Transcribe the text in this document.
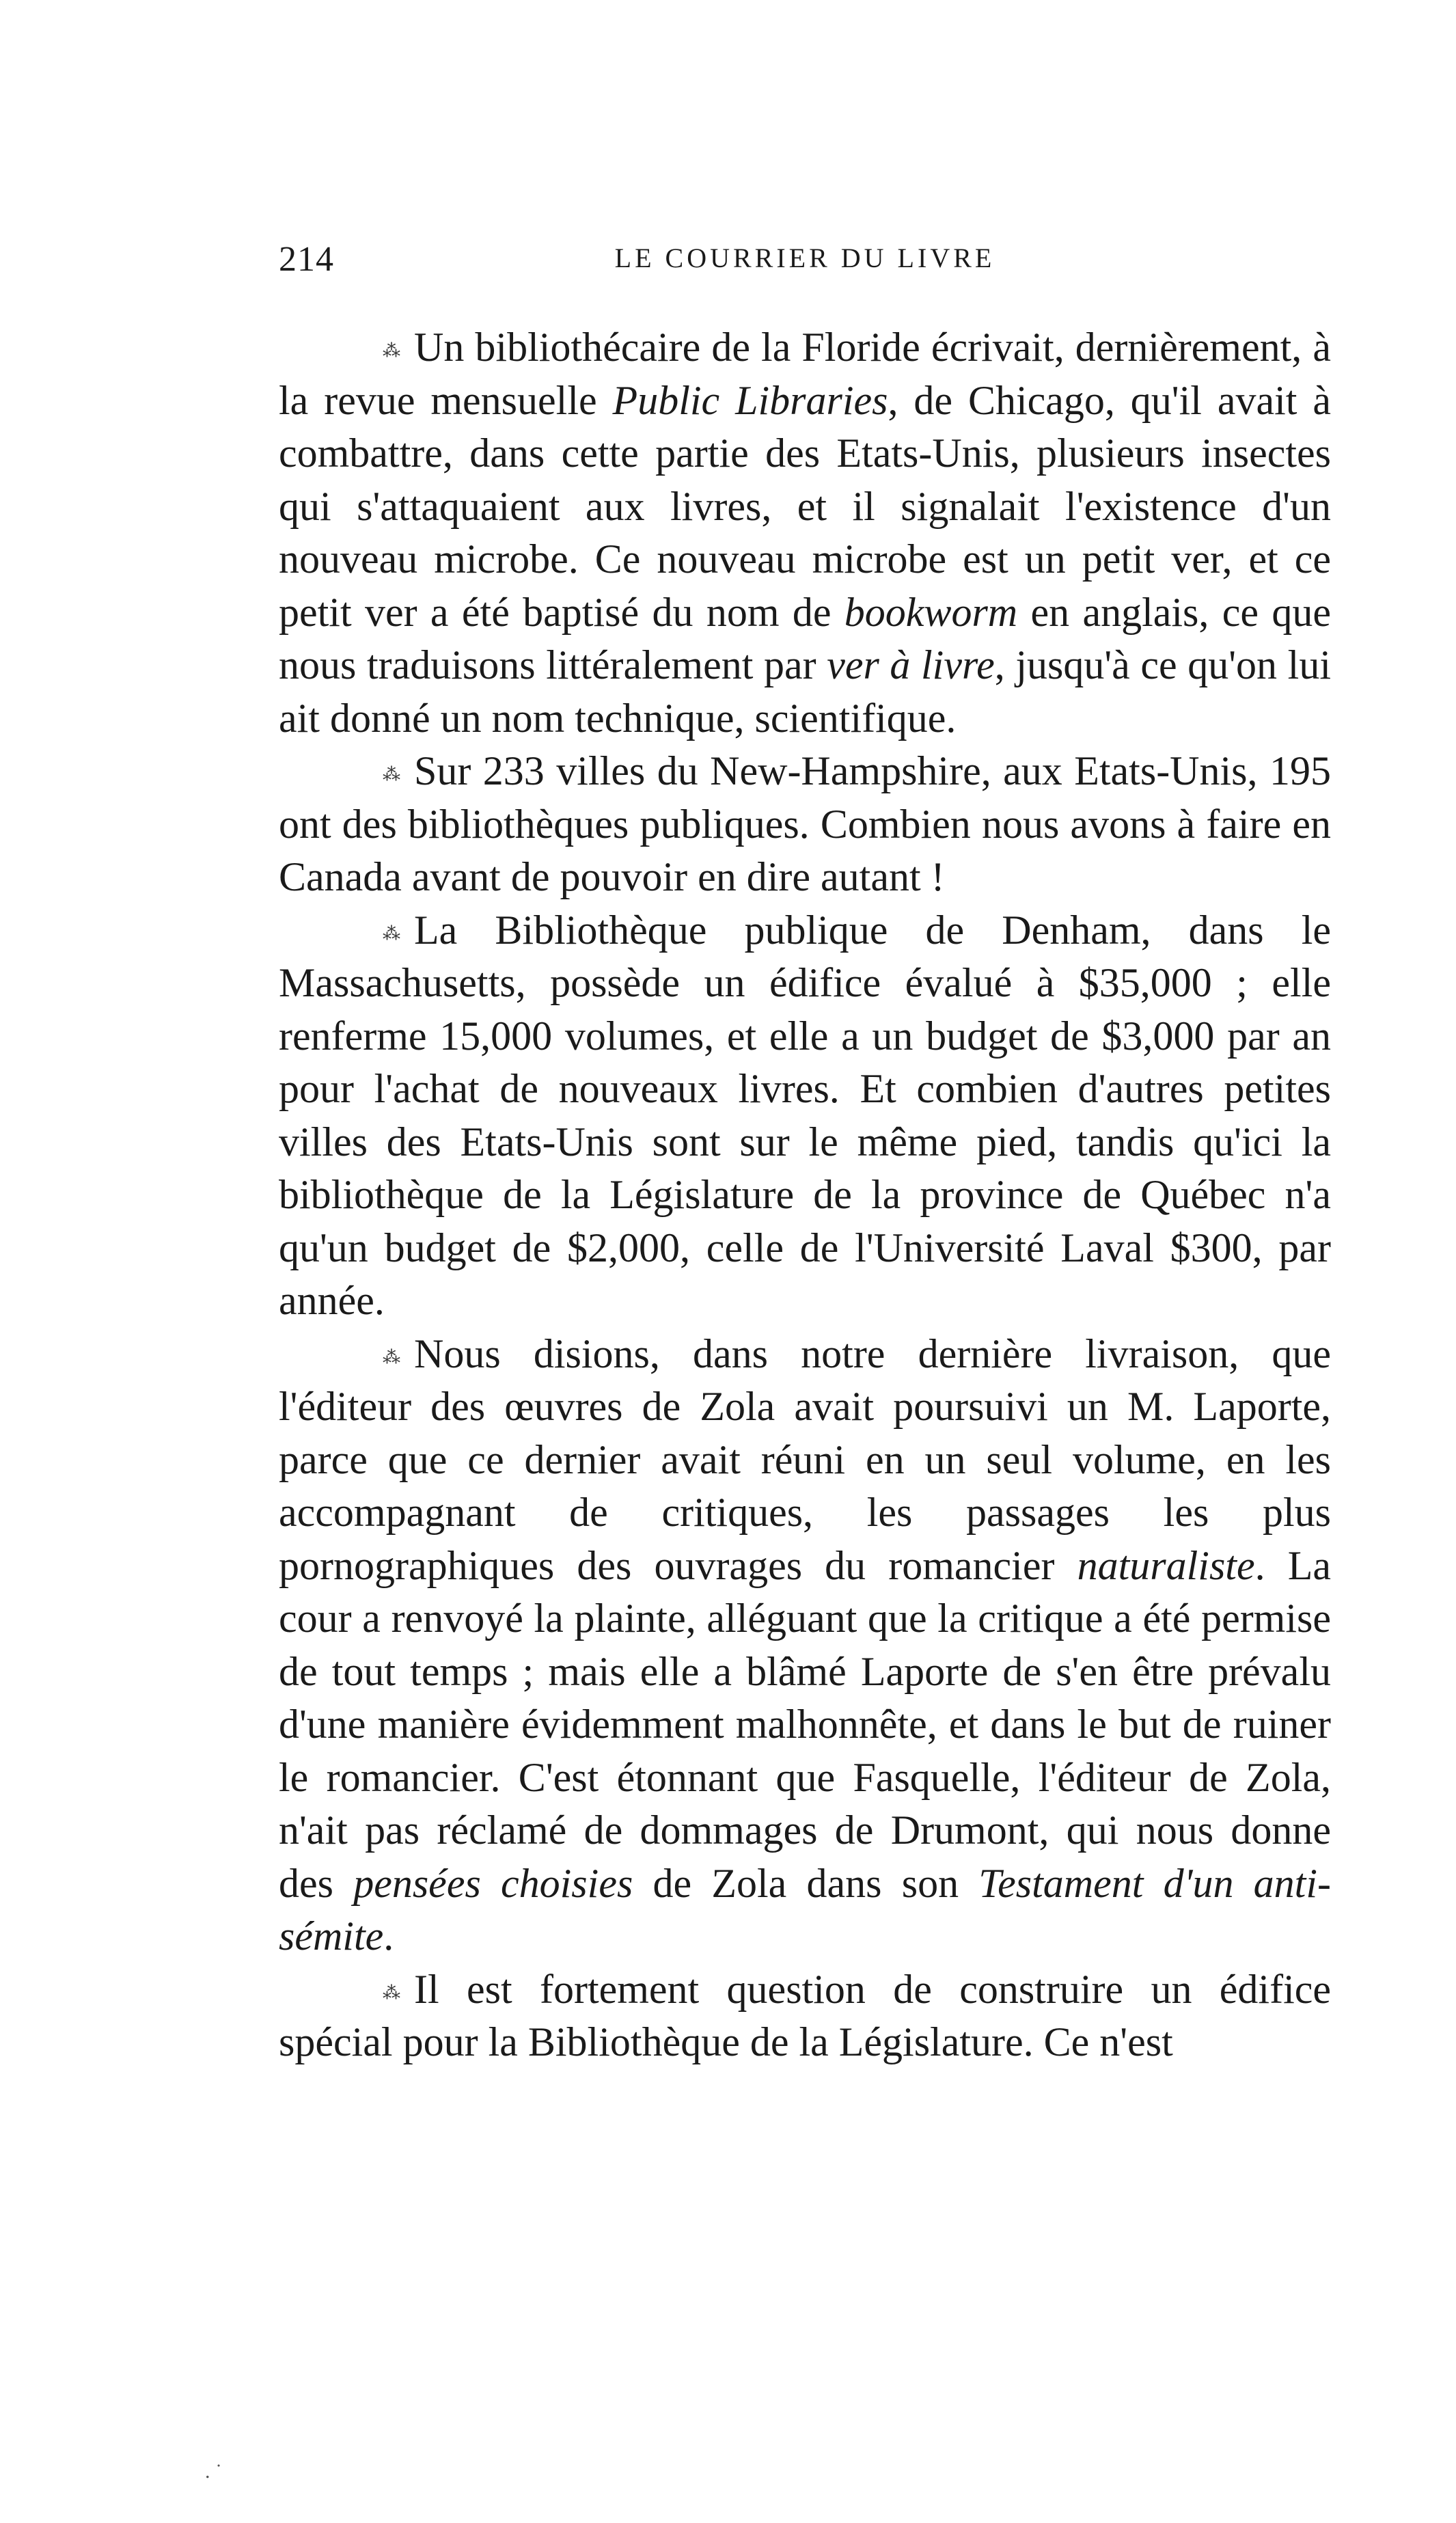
214	LE COURRIER DU LIVRE

⁂ Un bibliothécaire de la Floride écrivait, dernièrement, à la revue mensuelle Public Libraries, de Chicago, qu'il avait à combattre, dans cette partie des Etats-Unis, plusieurs insectes qui s'attaquaient aux livres, et il signalait l'existence d'un nouveau microbe. Ce nouveau microbe est un petit ver, et ce petit ver a été baptisé du nom de bookworm en anglais, ce que nous traduisons littéralement par ver à livre, jusqu'à ce qu'on lui ait donné un nom technique, scientifique.

⁂ Sur 233 villes du New-Hampshire, aux Etats-Unis, 195 ont des bibliothèques publiques. Combien nous avons à faire en Canada avant de pouvoir en dire autant !

⁂ La Bibliothèque publique de Denham, dans le Massachusetts, possède un édifice évalué à $35,000 ; elle renferme 15,000 volumes, et elle a un budget de $3,000 par an pour l'achat de nouveaux livres. Et combien d'autres petites villes des Etats-Unis sont sur le même pied, tandis qu'ici la bibliothèque de la Législature de la province de Québec n'a qu'un budget de $2,000, celle de l'Université Laval $300, par année.

⁂ Nous disions, dans notre dernière livraison, que l'éditeur des œuvres de Zola avait poursuivi un M. Laporte, parce que ce dernier avait réuni en un seul volume, en les accompagnant de critiques, les passages les plus pornographiques des ouvrages du romancier naturaliste. La cour a renvoyé la plainte, alléguant que la critique a été permise de tout temps ; mais elle a blâmé Laporte de s'en être prévalu d'une manière évidemment malhonnête, et dans le but de ruiner le romancier. C'est étonnant que Fasquelle, l'éditeur de Zola, n'ait pas réclamé de dommages de Drumont, qui nous donne des pensées choisies de Zola dans son Testament d'un anti-sémite.

⁂ Il est fortement question de construire un édifice spécial pour la Bibliothèque de la Législature. Ce n'est

. ˙
